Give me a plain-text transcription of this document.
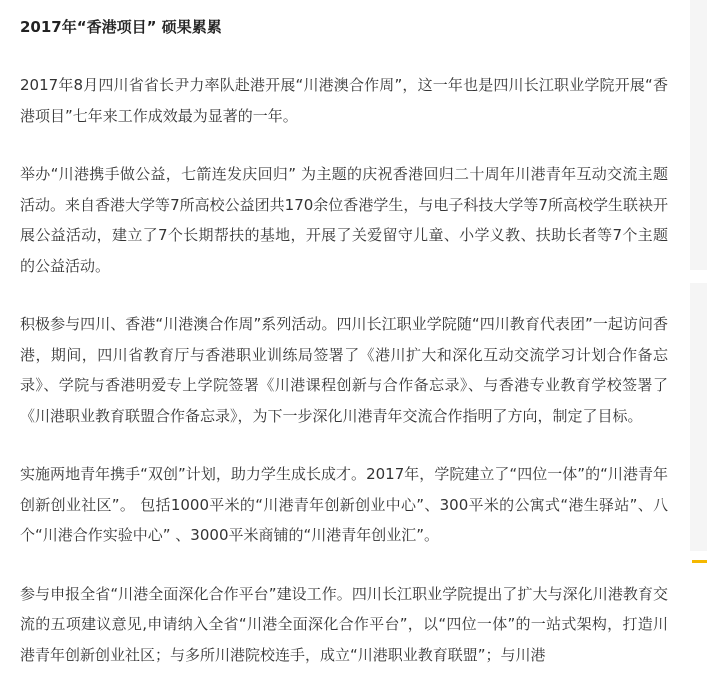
2017年“香港项目” 硕果累累

2017年8月四川省省长尹力率队赴港开展“川港澳合作周”，这一年也是四川长江职业学院开展“香港项目”七年来工作成效最为显著的一年。

举办“川港携手做公益，七箭连发庆回归” 为主题的庆祝香港回归二十周年川港青年互动交流主题活动。来自香港大学等7所高校公益团共170余位香港学生，与电子科技大学等7所高校学生联袂开展公益活动，建立了7个长期帮扶的基地，开展了关爱留守儿童、小学义教、扶助长者等7个主题的公益活动。

积极参与四川、香港“川港澳合作周”系列活动。四川长江职业学院随“四川教育代表团”一起访问香港，期间，四川省教育厅与香港职业训练局签署了《港川扩大和深化互动交流学习计划合作备忘录》、学院与香港明爱专上学院签署《川港课程创新与合作备忘录》、与香港专业教育学校签署了《川港职业教育联盟合作备忘录》，为下一步深化川港青年交流合作指明了方向，制定了目标。

实施两地青年携手“双创”计划，助力学生成长成才。2017年，学院建立了“四位一体”的“川港青年创新创业社区”。 包括1000平米的“川港青年创新创业中心”、300平米的公寓式“港生驿站”、八个“川港合作实验中心” 、3000平米商铺的“川港青年创业汇”。

参与申报全省“川港全面深化合作平台”建设工作。四川长江职业学院提出了扩大与深化川港教育交流的五项建议意见,申请纳入全省“川港全面深化合作平台”，以“四位一体”的一站式架构，打造川港青年创新创业社区；与多所川港院校连手，成立“川港职业教育联盟”；与川港
